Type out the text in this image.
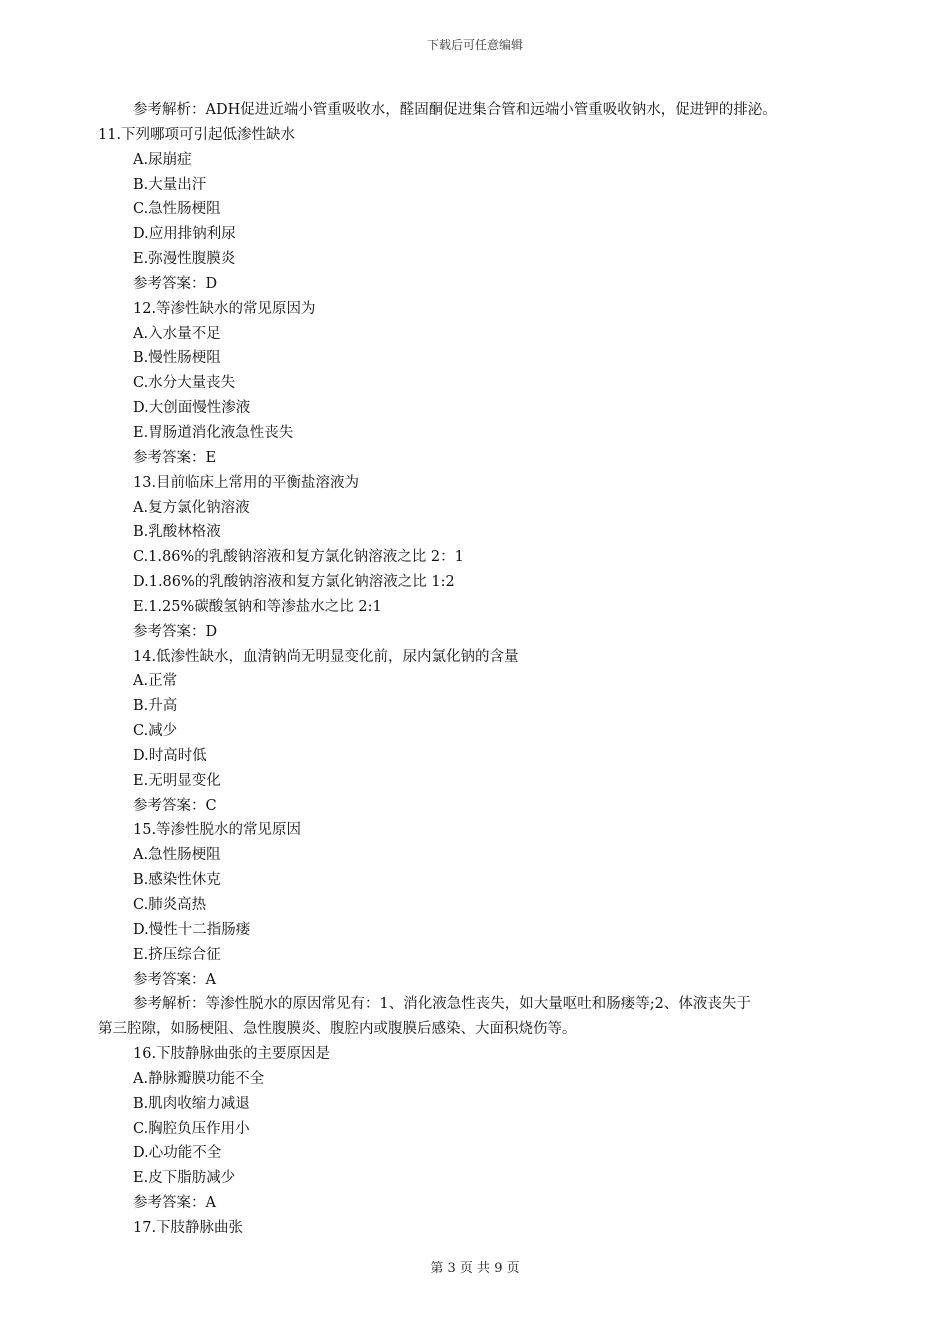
下载后可任意编辑
参考解析：ADH促进近端小管重吸收水，醛固酮促进集合管和远端小管重吸收钠水，促进钾的排泌。
11.下列哪项可引起低渗性缺水
A.尿崩症
B.大量出汗
C.急性肠梗阻
D.应用排钠利尿
E.弥漫性腹膜炎
参考答案：D
12.等渗性缺水的常见原因为
A.入水量不足
B.慢性肠梗阻
C.水分大量丧失
D.大创面慢性渗液
E.胃肠道消化液急性丧失
参考答案：E
13.目前临床上常用的平衡盐溶液为
A.复方氯化钠溶液
B.乳酸林格液
C.1.86%的乳酸钠溶液和复方氯化钠溶液之比 2：1
D.1.86%的乳酸钠溶液和复方氯化钠溶液之比 1:2
E.1.25%碳酸氢钠和等渗盐水之比 2:1
参考答案：D
14.低渗性缺水，血清钠尚无明显变化前，尿内氯化钠的含量
A.正常
B.升高
C.减少
D.时高时低
E.无明显变化
参考答案：C
15.等渗性脱水的常见原因
A.急性肠梗阻
B.感染性休克
C.肺炎高热
D.慢性十二指肠瘘
E.挤压综合征
参考答案：A
参考解析：等渗性脱水的原因常见有：1、消化液急性丧失，如大量呕吐和肠瘘等;2、体液丧失于
第三腔隙，如肠梗阻、急性腹膜炎、腹腔内或腹膜后感染、大面积烧伤等。
16.下肢静脉曲张的主要原因是
A.静脉瓣膜功能不全
B.肌肉收缩力减退
C.胸腔负压作用小
D.心功能不全
E.皮下脂肪减少
参考答案：A
17.下肢静脉曲张
第 3 页 共 9 页
